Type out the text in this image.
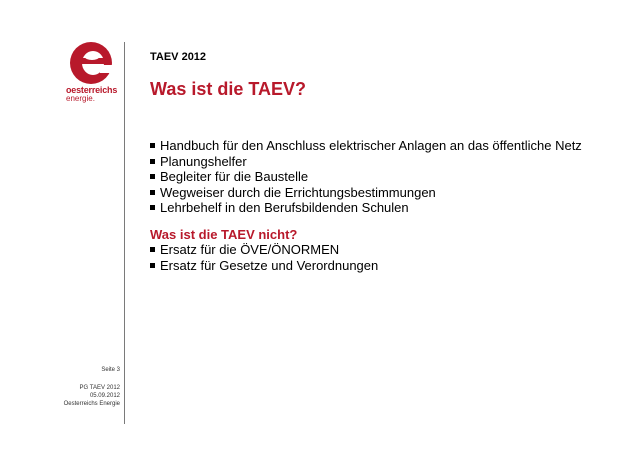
oesterreichs
energie.
Seite 3
PG TAEV 2012
05.09.2012
Oesterreichs Energie
TAEV 2012
Was ist die TAEV?
Handbuch für den Anschluss elektrischer Anlagen an das öffentliche Netz
Planungshelfer
Begleiter für die Baustelle
Wegweiser durch die Errichtungsbestimmungen
Lehrbehelf in den Berufsbildenden Schulen
Was ist die TAEV nicht?
Ersatz für die ÖVE/ÖNORMEN
Ersatz für Gesetze und Verordnungen
